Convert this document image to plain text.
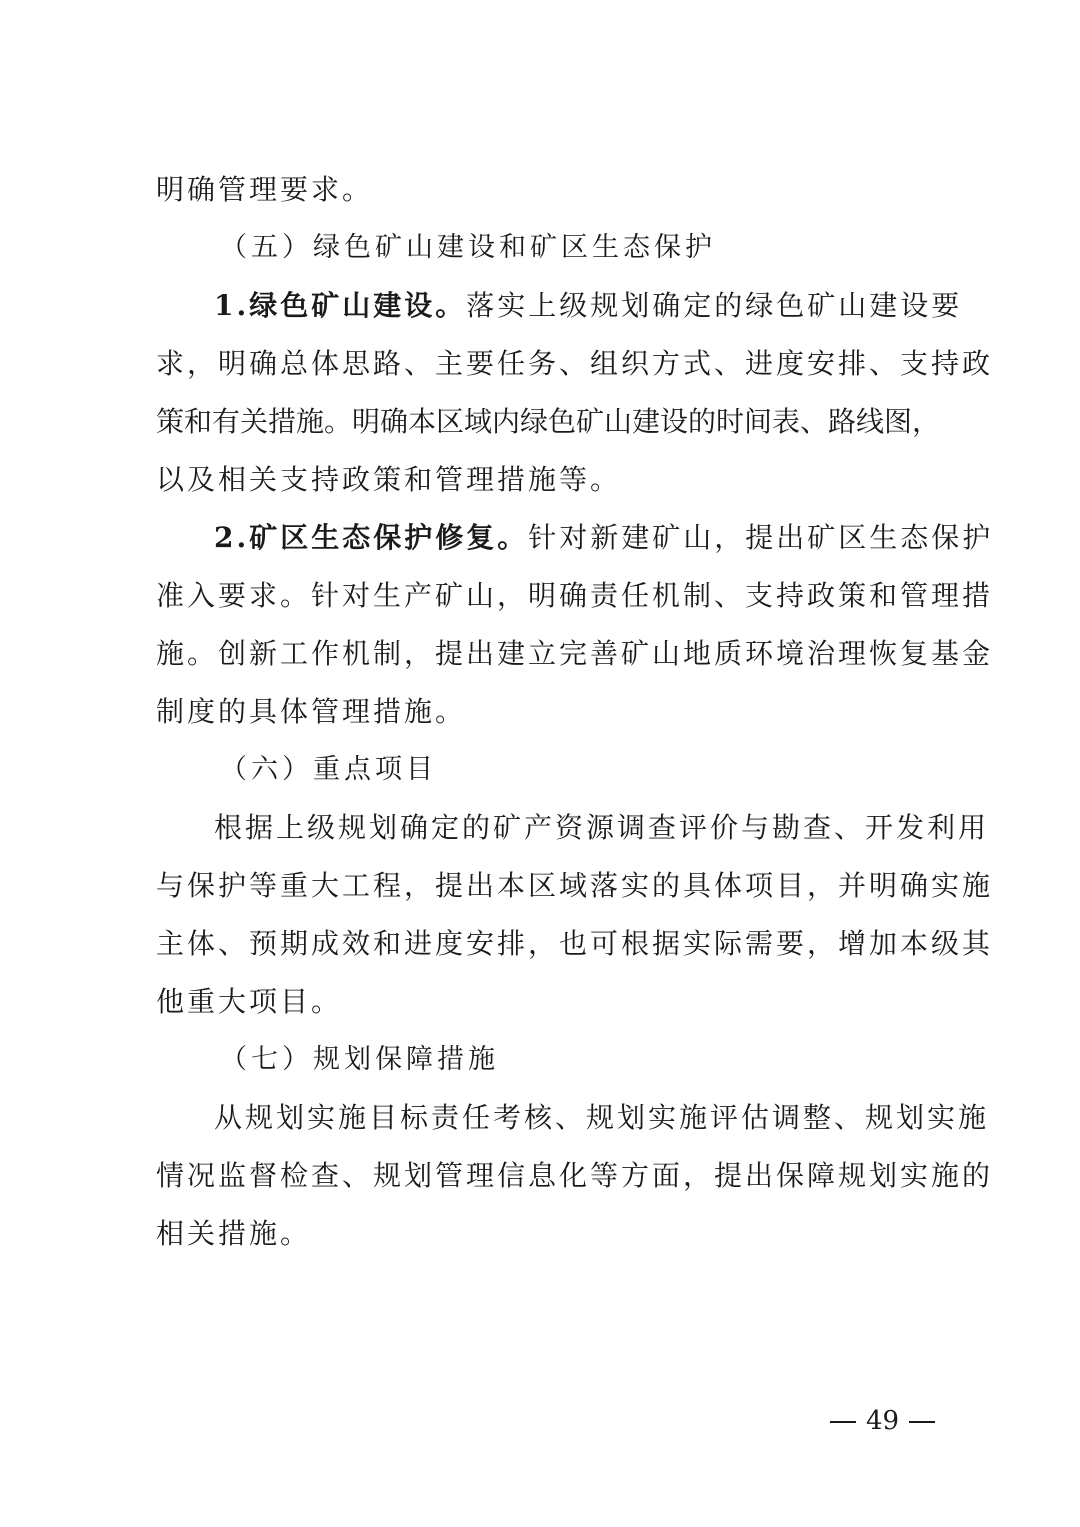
明确管理要求。
（五）绿色矿山建设和矿区生态保护
1.绿色矿山建设。落实上级规划确定的绿色矿山建设要
求，明确总体思路、主要任务、组织方式、进度安排、支持政
策和有关措施。明确本区域内绿色矿山建设的时间表、路线图，
以及相关支持政策和管理措施等。
2.矿区生态保护修复。针对新建矿山，提出矿区生态保护
准入要求。针对生产矿山，明确责任机制、支持政策和管理措
施。创新工作机制，提出建立完善矿山地质环境治理恢复基金
制度的具体管理措施。
（六）重点项目
根据上级规划确定的矿产资源调查评价与勘查、开发利用
与保护等重大工程，提出本区域落实的具体项目，并明确实施
主体、预期成效和进度安排，也可根据实际需要，增加本级其
他重大项目。
（七）规划保障措施
从规划实施目标责任考核、规划实施评估调整、规划实施
情况监督检查、规划管理信息化等方面，提出保障规划实施的
相关措施。
49
